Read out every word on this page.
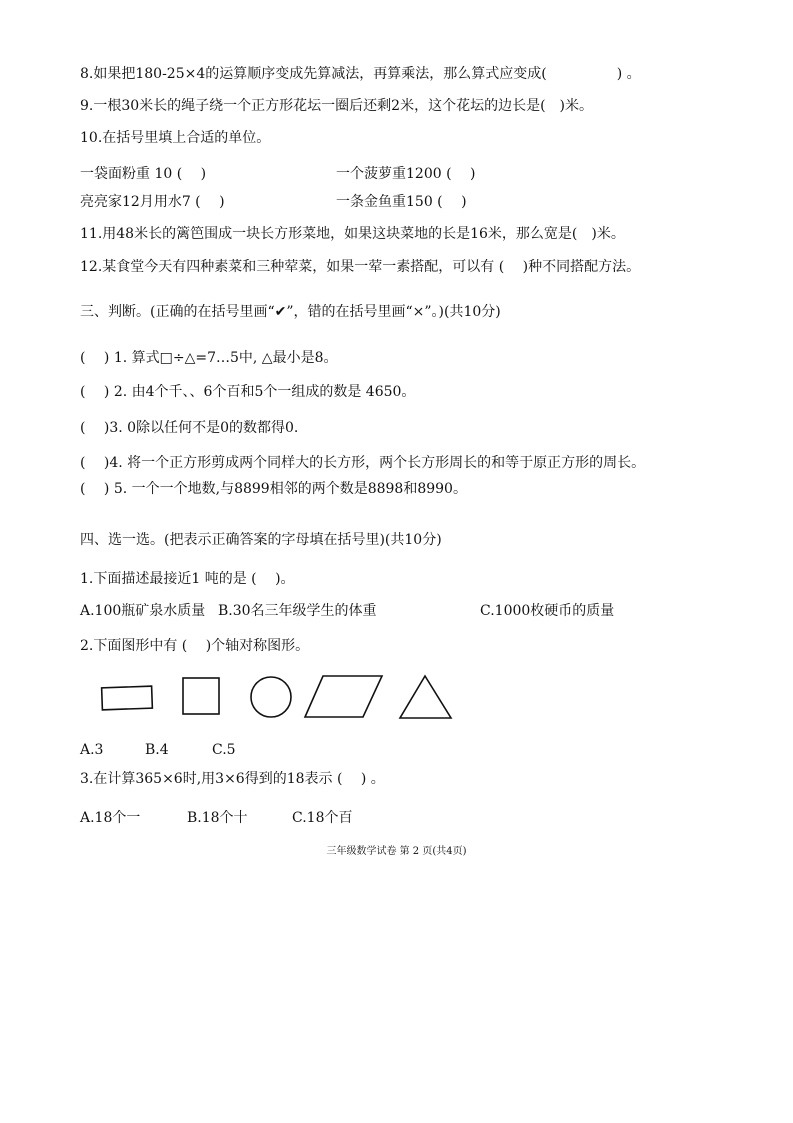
8.如果把180-25×4的运算顺序变成先算减法，再算乘法，那么算式应变成(　　　　　) 。
9.一根30米长的绳子绕一个正方形花坛一圈后还剩2米，这个花坛的边长是(　)米。
10.在括号里填上合适的单位。
一袋面粉重 10 (　 )	一个菠萝重1200 (　 )
亮亮家12月用水7 (　 )	一条金鱼重150 (　 )
11.用48米长的篱笆围成一块长方形菜地，如果这块菜地的长是16米，那么宽是(　)米。
12.某食堂今天有四种素菜和三种荤菜，如果一荤一素搭配，可以有 (　 )种不同搭配方法。
三、判断。(正确的在括号里画“✔”，错的在括号里画“×”。)(共10分)
(　 ) 1. 算式□÷△=7…5中, △最小是8。
(　 ) 2. 由4个千、、6个百和5个一组成的数是 4650。
(　 )3. 0除以任何不是0的数都得0.
(　 )4. 将一个正方形剪成两个同样大的长方形，两个长方形周长的和等于原正方形的周长。
(　 ) 5. 一个一个地数,与8899相邻的两个数是8898和8990。
四、选一选。(把表示正确答案的字母填在括号里)(共10分)
1.下面描述最接近1 吨的是 (　 )。
A.100瓶矿泉水质量 B.30名三年级学生的体重	C.1000枚硬币的质量
2.下面图形中有 (　 )个轴对称图形。
A.3	B.4	C.5
3.在计算365×6时,用3×6得到的18表示 (　 ) 。
A.18个一	B.18个十	C.18个百
三年级数学试卷 第 2 页(共4页)
